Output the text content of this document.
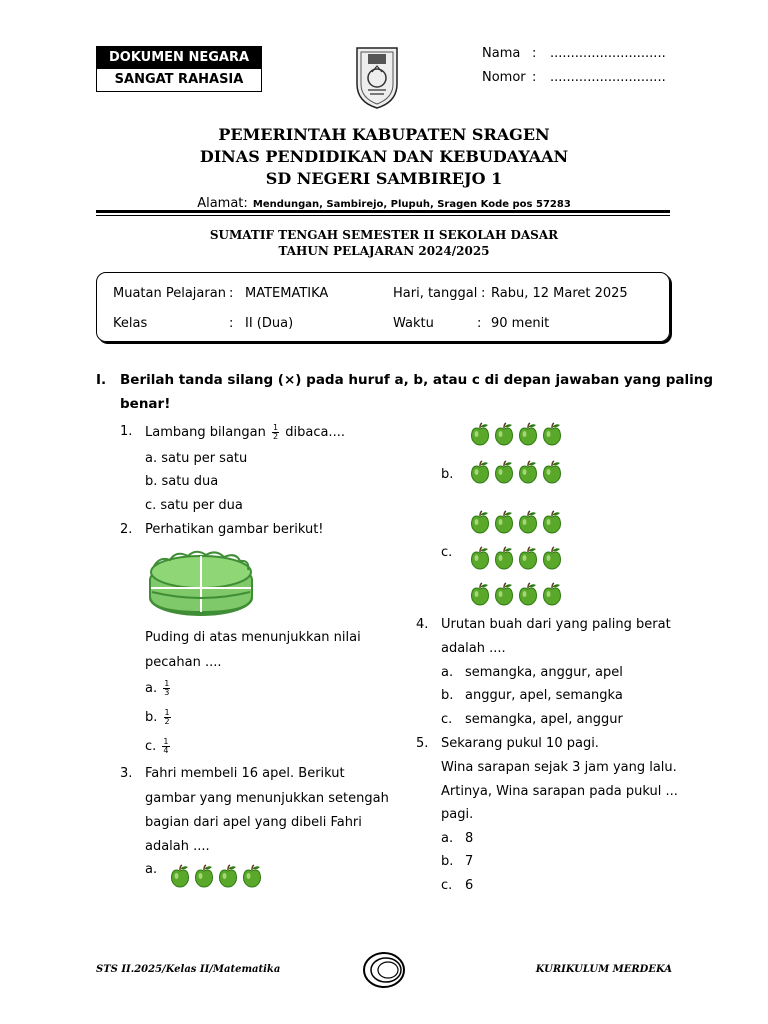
DOKUMEN NEGARA
SANGAT RAHASIA
Nama : ............................
Nomor : ............................
PEMERINTAH KABUPATEN SRAGEN
DINAS PENDIDIKAN DAN KEBUDAYAAN
SD NEGERI SAMBIREJO 1
Alamat: Mendungan, Sambirejo, Plupuh, Sragen Kode pos 57283
SUMATIF TENGAH SEMESTER II SEKOLAH DASAR
TAHUN PELAJARAN 2024/2025
Muatan Pelajaran : MATEMATIKA	Hari, tanggal : Rabu, 12 Maret 2025
Kelas	: II (Dua)	Waktu	: 90 menit
I. Berilah tanda silang (×) pada huruf a, b, atau c di depan jawaban yang paling
benar!
1. Lambang bilangan $\frac{1}{2}$ dibaca....
a. satu per satu
b. satu dua
c. satu per dua
2. Perhatikan gambar berikut!
Puding di atas menunjukkan nilai
pecahan ....
a. $\frac{1}{3}$
b. $\frac{1}{2}$
c. $\frac{1}{4}$
3. Fahri membeli 16 apel. Berikut
gambar yang menunjukkan setengah
bagian dari apel yang dibeli Fahri
adalah ....
a.
b.
c.
4. Urutan buah dari yang paling berat
adalah ....
a. semangka, anggur, apel
b. anggur, apel, semangka
c. semangka, apel, anggur
5. Sekarang pukul 10 pagi.
Wina sarapan sejak 3 jam yang lalu.
Artinya, Wina sarapan pada pukul ...
pagi.
a. 8
b. 7
c. 6
STS II.2025/Kelas II/Matematika	KURIKULUM MERDEKA
